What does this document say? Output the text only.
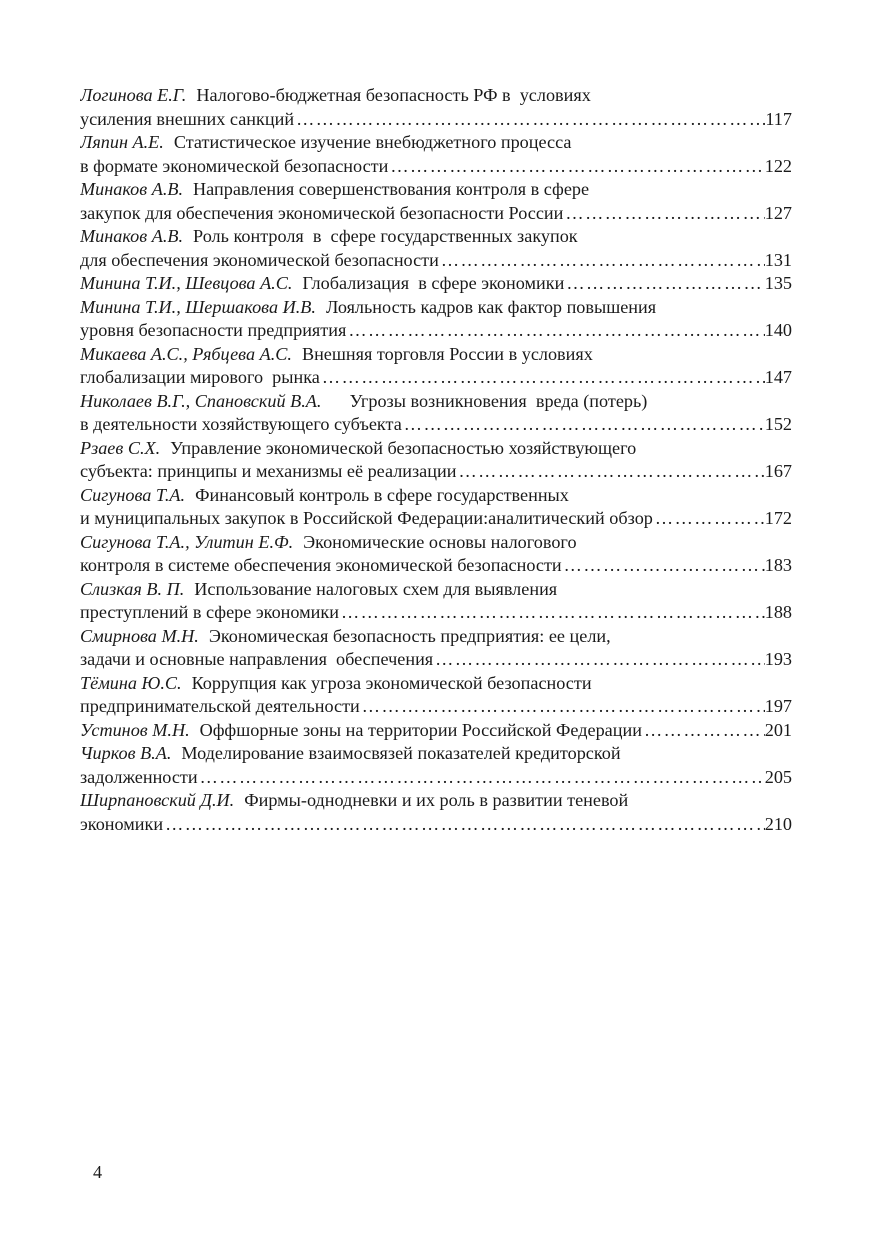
Логинова Е.Г. Налогово-бюджетная безопасность РФ в  условиях
усиления внешних санкций …………………………………………………………………………………………………………………………………………………………………………………………	117
Ляпин А.Е. Статистическое изучение внебюджетного процесса
в формате экономической безопасности …………………………………………………………………………………………………………………………………………………………………………………………	122
Минаков А.В. Направления совершенствования контроля в сфере
закупок для обеспечения экономической безопасности России …………………………………………………………………………………………………………………………………………………………………………………………	127
Минаков А.В. Роль контроля  в  сфере государственных закупок
для обеспечения экономической безопасности …………………………………………………………………………………………………………………………………………………………………………………………	131
Минина Т.И., Шевцова А.С. Глобализация  в сфере экономики …………………………………………………………………………………………………………………………………………………………………………………………	135
Минина Т.И., Шершакова И.В. Лояльность кадров как фактор повышения
уровня безопасности предприятия …………………………………………………………………………………………………………………………………………………………………………………………	140
Микаева А.С., Рябцева А.С. Внешняя торговля России в условиях
глобализации мирового  рынка …………………………………………………………………………………………………………………………………………………………………………………………	147
Николаев В.Г., Спановский В.А. Угрозы возникновения  вреда (потерь)
в деятельности хозяйствующего субъекта …………………………………………………………………………………………………………………………………………………………………………………………	152
Рзаев С.Х. Управление экономической безопасностью хозяйствующего
субъекта: принципы и механизмы её реализации …………………………………………………………………………………………………………………………………………………………………………………………	167
Сигунова Т.А. Финансовый контроль в сфере государственных
и муниципальных закупок в Российской Федерации:аналитический обзор …………………………………………………………………………………………………………………………………………………………………………………………	172
Сигунова Т.А., Улитин Е.Ф. Экономические основы налогового
контроля в системе обеспечения экономической безопасности …………………………………………………………………………………………………………………………………………………………………………………………	183
Слизкая В. П. Использование налоговых схем для выявления
преступлений в сфере экономики …………………………………………………………………………………………………………………………………………………………………………………………	188
Смирнова М.Н. Экономическая безопасность предприятия: ее цели,
задачи и основные направления  обеспечения …………………………………………………………………………………………………………………………………………………………………………………………	193
Тёмина Ю.С. Коррупция как угроза экономической безопасности
предпринимательской деятельности …………………………………………………………………………………………………………………………………………………………………………………………	197
Устинов М.Н. Оффшорные зоны на территории Российской Федерации …………………………………………………………………………………………………………………………………………………………………………………………	201
Чирков В.А. Моделирование взаимосвязей показателей кредиторской
задолженности …………………………………………………………………………………………………………………………………………………………………………………………	205
Ширпановский Д.И. Фирмы-однодневки и их роль в развитии теневой
экономики …………………………………………………………………………………………………………………………………………………………………………………………	210
4
